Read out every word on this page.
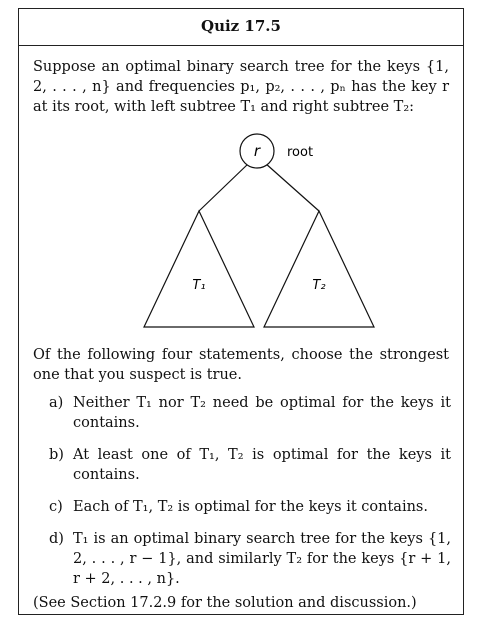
Quiz 17.5
Suppose an optimal binary search tree for the keys {1, 2, . . . , n} and frequencies p₁, p₂, . . . , pₙ has the key r at its root, with left subtree T₁ and right subtree T₂:
r root
T₁	T₂
Of the following four statements, choose the strongest one that you suspect is true.
a) Neither T₁ nor T₂ need be optimal for the keys it contains.
b) At least one of T₁, T₂ is optimal for the keys it contains.
c) Each of T₁, T₂ is optimal for the keys it contains.
d) T₁ is an optimal binary search tree for the keys {1, 2, . . . , r − 1}, and similarly T₂ for the keys {r + 1, r + 2, . . . , n}.
(See Section 17.2.9 for the solution and discussion.)
